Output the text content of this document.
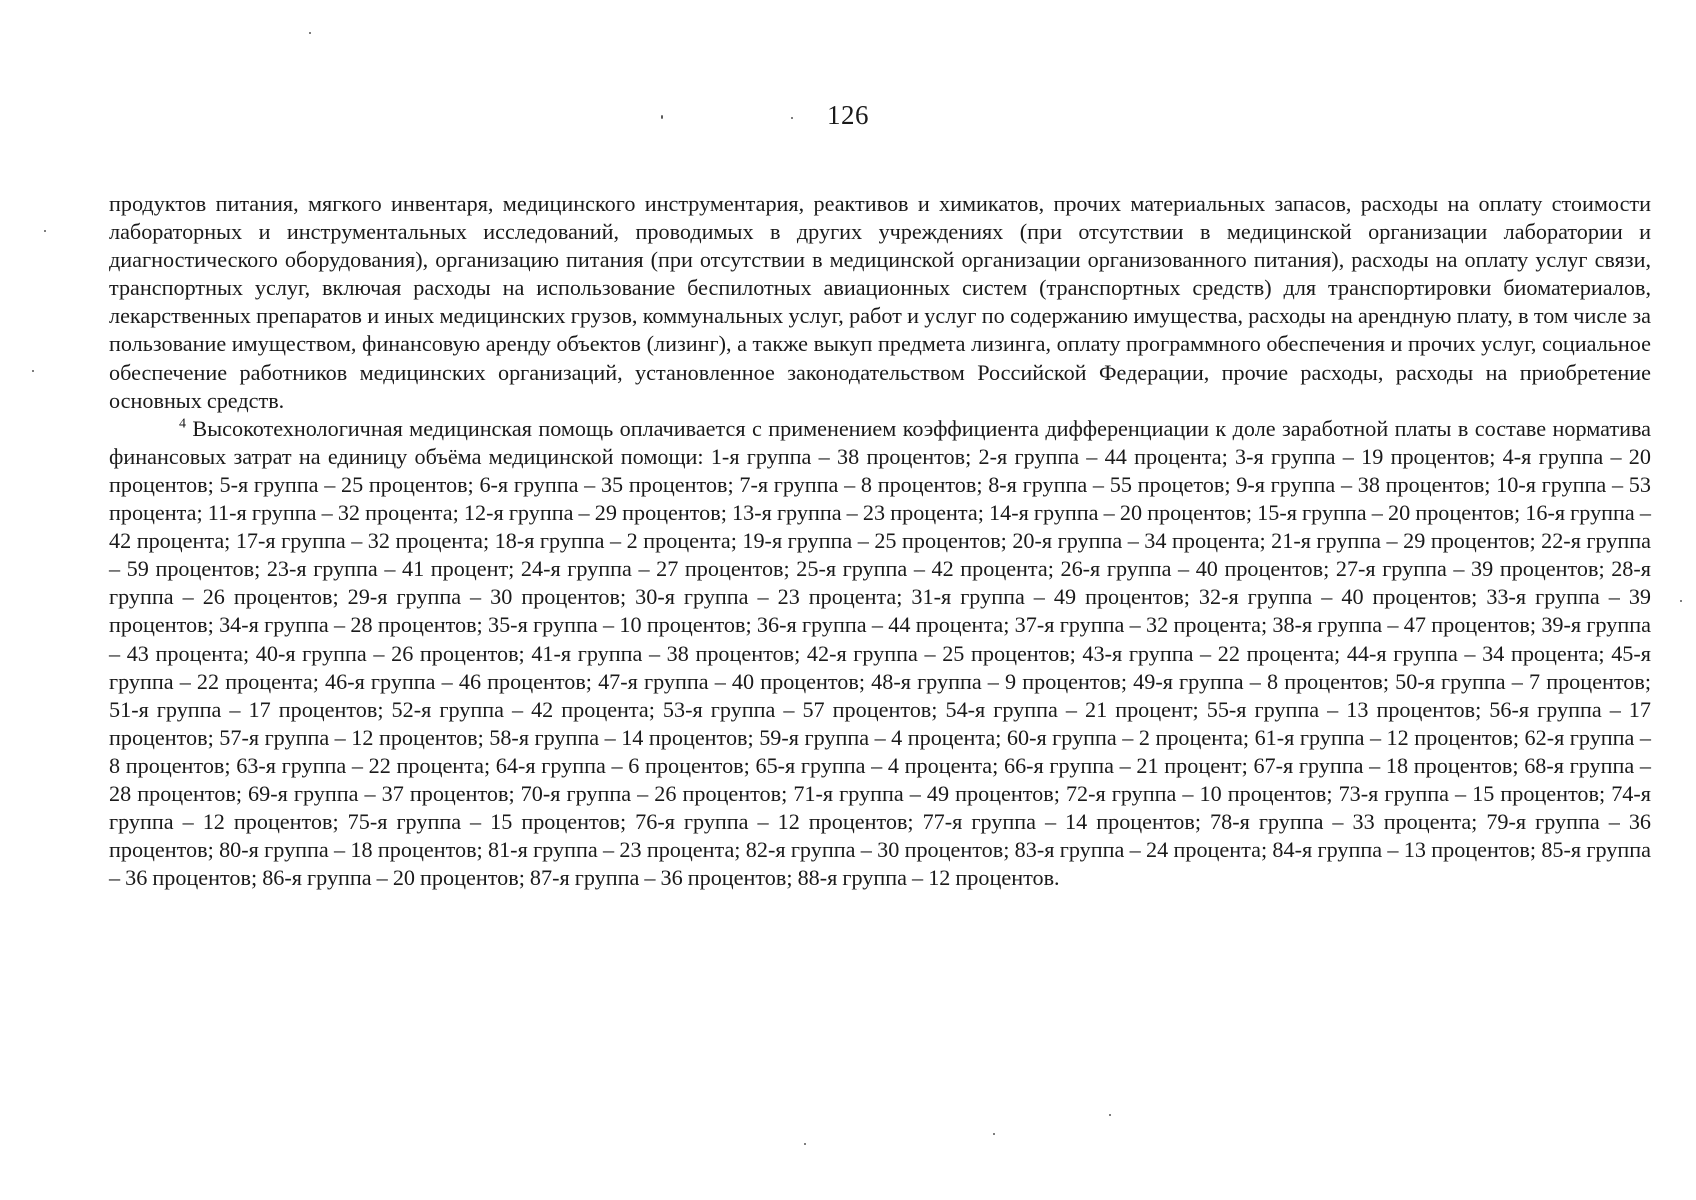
126

продуктов питания, мягкого инвентаря, медицинского инструментария, реактивов и химикатов, прочих материальных запасов, расходы на оплату стоимости лабораторных и инструментальных исследований, проводимых в других учреждениях (при отсутствии в медицинской организации лаборатории и диагностического оборудования), организацию питания (при отсутствии в медицинской организации организованного питания), расходы на оплату услуг связи, транспортных услуг, включая расходы на использование беспилотных авиационных систем (транспортных средств) для транспортировки биоматериалов, лекарственных препаратов и иных медицинских грузов, коммунальных услуг, работ и услуг по содержанию имущества, расходы на арендную плату, в том числе за пользование имуществом, финансовую аренду объектов (лизинг), а также выкуп предмета лизинга, оплату программного обеспечения и прочих услуг, социальное обеспечение работников медицинских организаций, установленное законодательством Российской Федерации, прочие расходы, расходы на приобретение основных средств.

$^4$ Высокотехнологичная медицинская помощь оплачивается с применением коэффициента дифференциации к доле заработной платы в составе норматива финансовых затрат на единицу объёма медицинской помощи: 1-я группа – 38 процентов; 2-я группа – 44 процента; 3-я группа – 19 процентов; 4-я группа – 20 процентов; 5-я группа – 25 процентов; 6-я группа – 35 процентов; 7-я группа – 8 процентов; 8-я группа – 55 процетов; 9-я группа – 38 процентов; 10-я группа – 53 процента; 11-я группа – 32 процента; 12-я группа – 29 процентов; 13-я группа – 23 процента; 14-я группа – 20 процентов; 15-я группа – 20 процентов; 16-я группа – 42 процента; 17-я группа – 32 процента; 18-я группа – 2 процента; 19-я группа – 25 процентов; 20-я группа – 34 процента; 21-я группа – 29 процентов; 22-я группа – 59 процентов; 23-я группа – 41 процент; 24-я группа – 27 процентов; 25-я группа – 42 процента; 26-я группа – 40 процентов; 27-я группа – 39 процентов; 28-я группа – 26 процентов; 29-я группа – 30 процентов; 30-я группа – 23 процента; 31-я группа – 49 процентов; 32-я группа – 40 процентов; 33-я группа – 39 процентов; 34-я группа – 28 процентов; 35-я группа – 10 процентов; 36-я группа – 44 процента; 37-я группа – 32 процента; 38-я группа – 47 процентов; 39-я группа – 43 процента; 40-я группа – 26 процентов; 41-я группа – 38 процентов; 42-я группа – 25 процентов; 43-я группа – 22 процента; 44-я группа – 34 процента; 45-я группа – 22 процента; 46-я группа – 46 процентов; 47-я группа – 40 процентов; 48-я группа – 9 процентов; 49-я группа – 8 процентов; 50-я группа – 7 процентов; 51-я группа – 17 процентов; 52-я группа – 42 процента; 53-я группа – 57 процентов; 54-я группа – 21 процент; 55-я группа – 13 процентов; 56-я группа – 17 процентов; 57-я группа – 12 процентов; 58-я группа – 14 процентов; 59-я группа – 4 процента; 60-я группа – 2 процента; 61-я группа – 12 процентов; 62-я группа – 8 процентов; 63-я группа – 22 процента; 64-я группа – 6 процентов; 65-я группа – 4 процента; 66-я группа – 21 процент; 67-я группа – 18 процентов; 68-я группа – 28 процентов; 69-я группа – 37 процентов; 70-я группа – 26 процентов; 71-я группа – 49 процентов; 72-я группа – 10 процентов; 73-я группа – 15 процентов; 74-я группа – 12 процентов; 75-я группа – 15 процентов; 76-я группа – 12 процентов; 77-я группа – 14 процентов; 78-я группа – 33 процента; 79-я группа – 36 процентов; 80-я группа – 18 процентов; 81-я группа – 23 процента; 82-я группа – 30 процентов; 83-я группа – 24 процента; 84-я группа – 13 процентов; 85-я группа – 36 процентов; 86-я группа – 20 процентов; 87-я группа – 36 процентов; 88-я группа – 12 процентов.
